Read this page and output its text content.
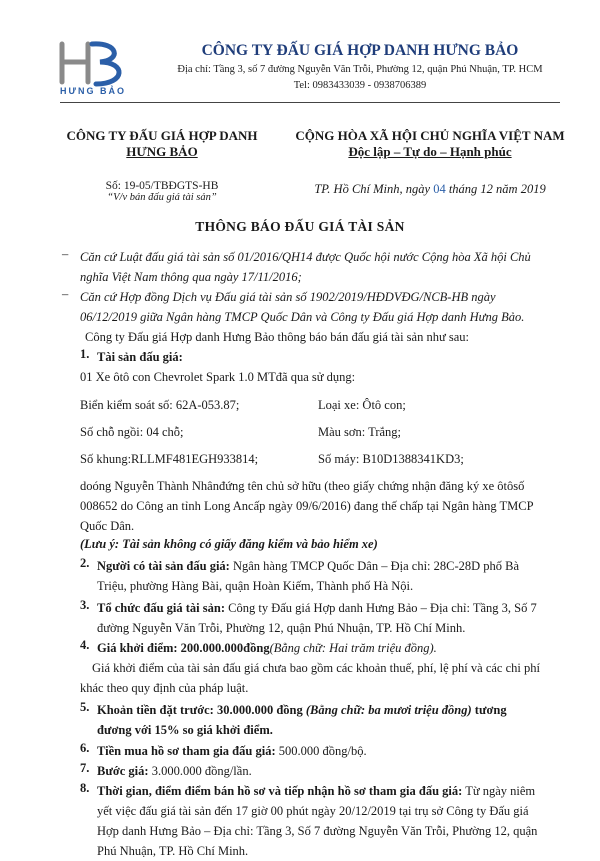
HƯNG BẢO
CÔNG TY ĐẤU GIÁ HỢP DANH HƯNG BẢO
Địa chỉ: Tầng 3, số 7 đường Nguyễn Văn Trỗi, Phường 12, quận Phú Nhuận, TP. HCM
Tel: 0983433039 - 0938706389
CÔNG TY ĐẤU GIÁ HỢP DANH
HƯNG BẢO
Số: 19-05/TBĐGTS-HB
“V/v bán đấu giá tài sản”
CỘNG HÒA XÃ HỘI CHỦ NGHĨA VIỆT NAM
Độc lập – Tự do – Hạnh phúc
TP. Hồ Chí Minh, ngày 04 tháng 12 năm 2019
THÔNG BÁO ĐẤU GIÁ TÀI SẢN
– Căn cứ Luật đấu giá tài sản số 01/2016/QH14 được Quốc hội nước Cộng hòa Xã hội Chủ
nghĩa Việt Nam thông qua ngày 17/11/2016;
– Căn cứ Hợp đồng Dịch vụ Đấu giá tài sản số 1902/2019/HĐDVĐG/NCB-HB ngày
06/12/2019 giữa Ngân hàng TMCP Quốc Dân và Công ty Đấu giá Hợp danh Hưng Bảo.
Công ty Đấu giá Hợp danh Hưng Bảo thông báo bán đấu giá tài sản như sau:
1. Tài sản đấu giá:
01 Xe ôtô con Chevrolet Spark 1.0 MTđã qua sử dụng:
Biển kiểm soát số: 62A-053.87;	Loại xe: Ôtô con;
Số chỗ ngồi: 04 chỗ;	Màu sơn: Trắng;
Số khung:RLLMF481EGH933814;	Số máy: B10D1388341KD3;
doóng Nguyễn Thành Nhânđứng tên chủ sở hữu (theo giấy chứng nhận đăng ký xe ôtôsố
008652 do Công an tỉnh Long Ancấp ngày 09/6/2016) đang thế chấp tại Ngân hàng TMCP
Quốc Dân.
(Lưu ý: Tài sản không có giấy đăng kiểm và bảo hiểm xe)
2. Người có tài sản đấu giá: Ngân hàng TMCP Quốc Dân – Địa chỉ: 28C-28D phố Bà
Triệu, phường Hàng Bài, quận Hoàn Kiếm, Thành phố Hà Nội.
3. Tổ chức đấu giá tài sản: Công ty Đấu giá Hợp danh Hưng Bảo – Địa chỉ: Tầng 3, Số 7
đường Nguyễn Văn Trỗi, Phường 12, quận Phú Nhuận, TP. Hồ Chí Minh.
4. Giá khởi điểm: 200.000.000đồng(Bằng chữ: Hai trăm triệu đồng).
Giá khởi điểm của tài sản đấu giá chưa bao gồm các khoản thuế, phí, lệ phí và các chi phí
khác theo quy định của pháp luật.
5. Khoản tiền đặt trước: 30.000.000 đồng (Bằng chữ: ba mươi triệu đồng) tương
đương với 15% so giá khởi điểm.
6. Tiền mua hồ sơ tham gia đấu giá: 500.000 đồng/bộ.
7. Bước giá: 3.000.000 đồng/lần.
8. Thời gian, điểm điểm bán hồ sơ và tiếp nhận hồ sơ tham gia đấu giá: Từ ngày niêm
yết việc đấu giá tài sản đến 17 giờ 00 phút ngày 20/12/2019 tại trụ sở Công ty Đấu giá
Hợp danh Hưng Bảo – Địa chỉ: Tầng 3, Số 7 đường Nguyễn Văn Trỗi, Phường 12, quận
Phú Nhuận, TP. Hồ Chí Minh.
